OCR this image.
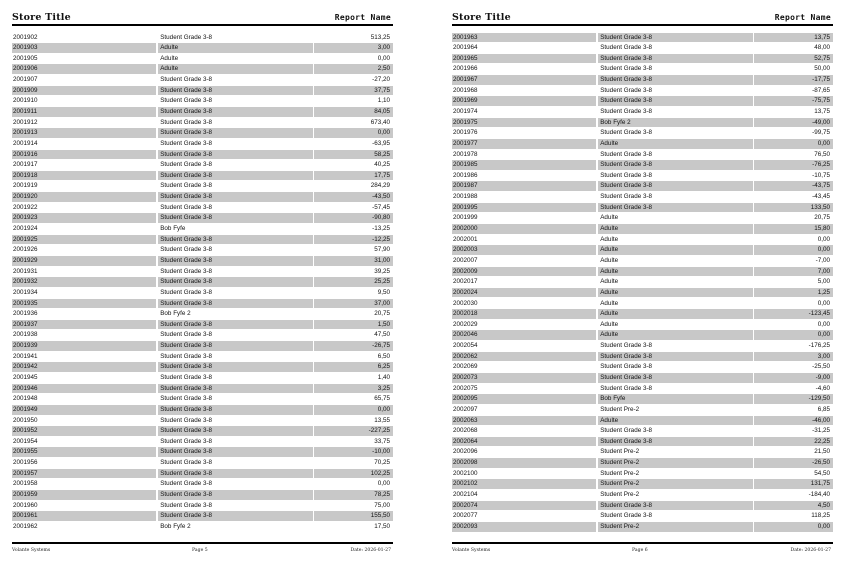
Store Title	Report Name
2001902	Student Grade 3-8	513,25
2001903	Adulte	3,00
2001905	Adulte	0,00
2001906	Adulte	2,50
2001907	Student Grade 3-8	-27,20
2001909	Student Grade 3-8	37,75
2001910	Student Grade 3-8	1,10
2001911	Student Grade 3-8	84,05
2001912	Student Grade 3-8	673,40
2001913	Student Grade 3-8	0,00
2001914	Student Grade 3-8	-63,95
2001916	Student Grade 3-8	58,25
2001917	Student Grade 3-8	40,25
2001918	Student Grade 3-8	17,75
2001919	Student Grade 3-8	284,29
2001920	Student Grade 3-8	-43,50
2001922	Student Grade 3-8	-57,45
2001923	Student Grade 3-8	-90,80
2001924	Bob Fyfe	-13,25
2001925	Student Grade 3-8	-12,25
2001926	Student Grade 3-8	57,90
2001929	Student Grade 3-8	31,00
2001931	Student Grade 3-8	39,25
2001932	Student Grade 3-8	25,25
2001934	Student Grade 3-8	9,50
2001935	Student Grade 3-8	37,00
2001936	Bob Fyfe 2	20,75
2001937	Student Grade 3-8	1,50
2001938	Student Grade 3-8	47,50
2001939	Student Grade 3-8	-26,75
2001941	Student Grade 3-8	6,50
2001942	Student Grade 3-8	6,25
2001945	Student Grade 3-8	1,40
2001946	Student Grade 3-8	3,25
2001948	Student Grade 3-8	65,75
2001949	Student Grade 3-8	0,00
2001950	Student Grade 3-8	13,55
2001952	Student Grade 3-8	-227,25
2001954	Student Grade 3-8	33,75
2001955	Student Grade 3-8	-10,00
2001956	Student Grade 3-8	70,25
2001957	Student Grade 3-8	102,25
2001958	Student Grade 3-8	0,00
2001959	Student Grade 3-8	78,25
2001960	Student Grade 3-8	75,00
2001961	Student Grade 3-8	155,50
2001962	Bob Fyfe 2	17,50
Volante Systems	Page 5	Date: 2026-01-27
Store Title	Report Name
2001963	Student Grade 3-8	13,75
2001964	Student Grade 3-8	48,00
2001965	Student Grade 3-8	52,75
2001966	Student Grade 3-8	50,00
2001967	Student Grade 3-8	-17,75
2001968	Student Grade 3-8	-87,65
2001969	Student Grade 3-8	-75,75
2001974	Student Grade 3-8	13,75
2001975	Bob Fyfe 2	-49,00
2001976	Student Grade 3-8	-99,75
2001977	Adulte	0,00
2001978	Student Grade 3-8	76,50
2001985	Student Grade 3-8	-76,25
2001986	Student Grade 3-8	-10,75
2001987	Student Grade 3-8	-43,75
2001988	Student Grade 3-8	-43,45
2001995	Student Grade 3-8	133,50
2001999	Adulte	20,75
2002000	Adulte	15,80
2002001	Adulte	0,00
2002003	Adulte	0,00
2002007	Adulte	-7,00
2002009	Adulte	7,00
2002017	Adulte	5,00
2002024	Adulte	1,25
2002030	Adulte	0,00
2002018	Adulte	-123,45
2002029	Adulte	0,00
2002046	Adulte	0,00
2002054	Student Grade 3-8	-176,25
2002062	Student Grade 3-8	3,00
2002069	Student Grade 3-8	-25,50
2002073	Student Grade 3-8	-9,00
2002075	Student Grade 3-8	-4,60
2002095	Bob Fyfe	-129,50
2002097	Student Pre-2	6,85
2002063	Adulte	-46,00
2002068	Student Grade 3-8	-31,25
2002064	Student Grade 3-8	22,25
2002096	Student Pre-2	21,50
2002098	Student Pre-2	-26,50
2002100	Student Pre-2	54,50
2002102	Student Pre-2	131,75
2002104	Student Pre-2	-184,40
2002074	Student Grade 3-8	4,50
2002077	Student Grade 3-8	118,25
2002093	Student Pre-2	0,00
Volante Systems	Page 6	Date: 2026-01-27
